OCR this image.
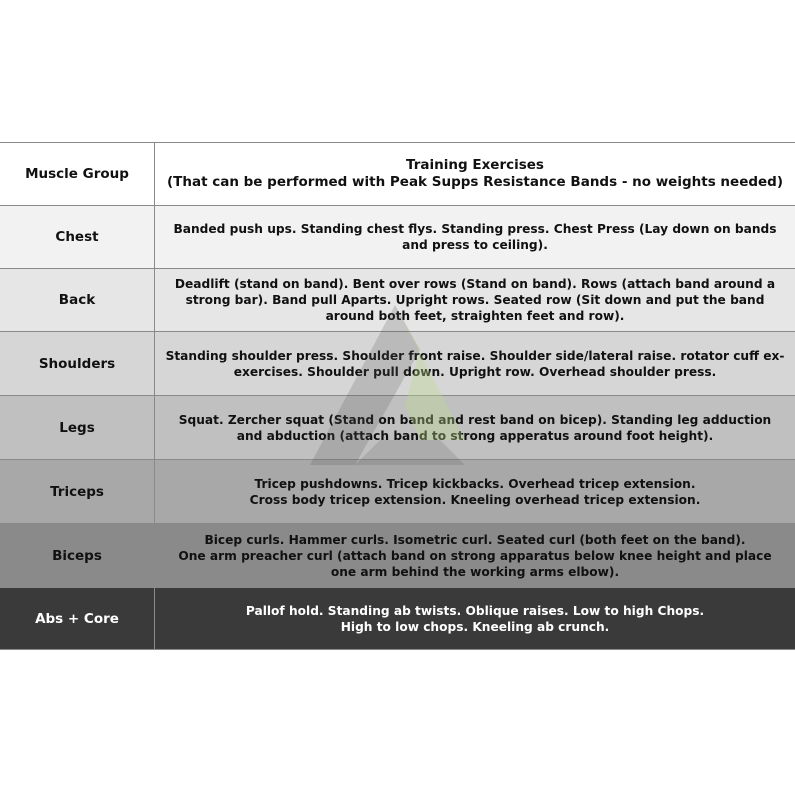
Muscle Group	Training Exercises
(That can be performed with Peak Supps Resistance Bands - no weights needed)

Chest	Banded push ups. Standing chest flys. Standing press. Chest Press (Lay down on bands
and press to ceiling).

Back	Deadlift (stand on band). Bent over rows (Stand on band). Rows (attach band around a
strong bar). Band pull Aparts. Upright rows. Seated row (Sit down and put the band
around both feet, straighten feet and row).

Shoulders	Standing shoulder press. Shoulder front raise. Shoulder side/lateral raise. rotator cuff ex-
exercises. Shoulder pull down. Upright row. Overhead shoulder press.

Legs	Squat. Zercher squat (Stand on band and rest band on bicep). Standing leg adduction
and abduction (attach band to strong apperatus around foot height).

Triceps	Tricep pushdowns. Tricep kickbacks. Overhead tricep extension.
Cross body tricep extension. Kneeling overhead tricep extension.

Biceps	Bicep curls. Hammer curls. Isometric curl. Seated curl (both feet on the band).
One arm preacher curl (attach band on strong apparatus below knee height and place
one arm behind the working arms elbow).

Abs + Core	Pallof hold. Standing ab twists. Oblique raises. Low to high Chops.
High to low chops. Kneeling ab crunch.
